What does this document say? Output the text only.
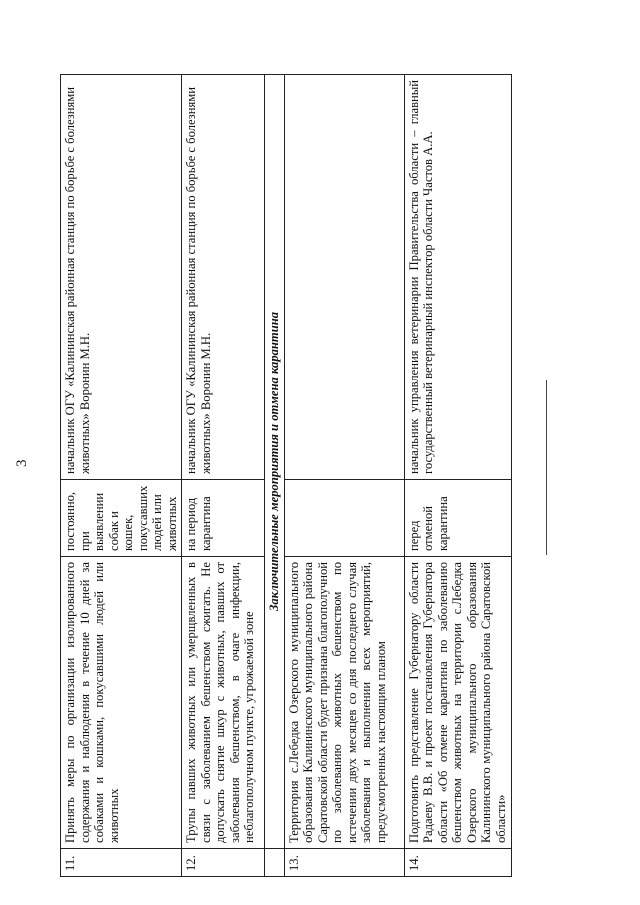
3
11.	Принять меры по организации изолированного содержания и наблюдения в течение 10 дней за собаками и кошками, покусавшими людей или животных	постоянно, при выявлении собак и кошек, покусавших людей или животных	начальник ОГУ «Калининская районная станция по борьбе с болезнями животных» Воронин М.Н.
12.	Трупы павших животных или умерщвленных в связи с заболеванием бешенством сжигать. Не допускать снятие шкур с животных, павших от заболевания бешенством, в очаге инфекции, неблагополучном пункте, угрожаемой зоне	на период карантина	начальник ОГУ «Калининская районная станция по борьбе с болезнями животных» Воронин М.Н.
	Заключительные мероприятия и отмена карантина		
13.	Территория с.Лебедка Озерского муниципального образования Калининского муниципального района Саратовской области будет признана благополучной по заболеванию животных бешенством по истечении двух месяцев со дня последнего случая заболевания и выполнении всех мероприятий, предусмотренных настоящим планом		
14.	Подготовить представление Губернатору области Радаеву В.В. и проект постановления Губернатора области «Об отмене карантина по заболеванию бешенством животных на территории с.Лебедка Озерского муниципального образования Калининского муниципального района Саратовской области»	перед отменой карантина	начальник управления ветеринарии Правительства области – главный государственный ветеринарный инспектор области Частов А.А.
